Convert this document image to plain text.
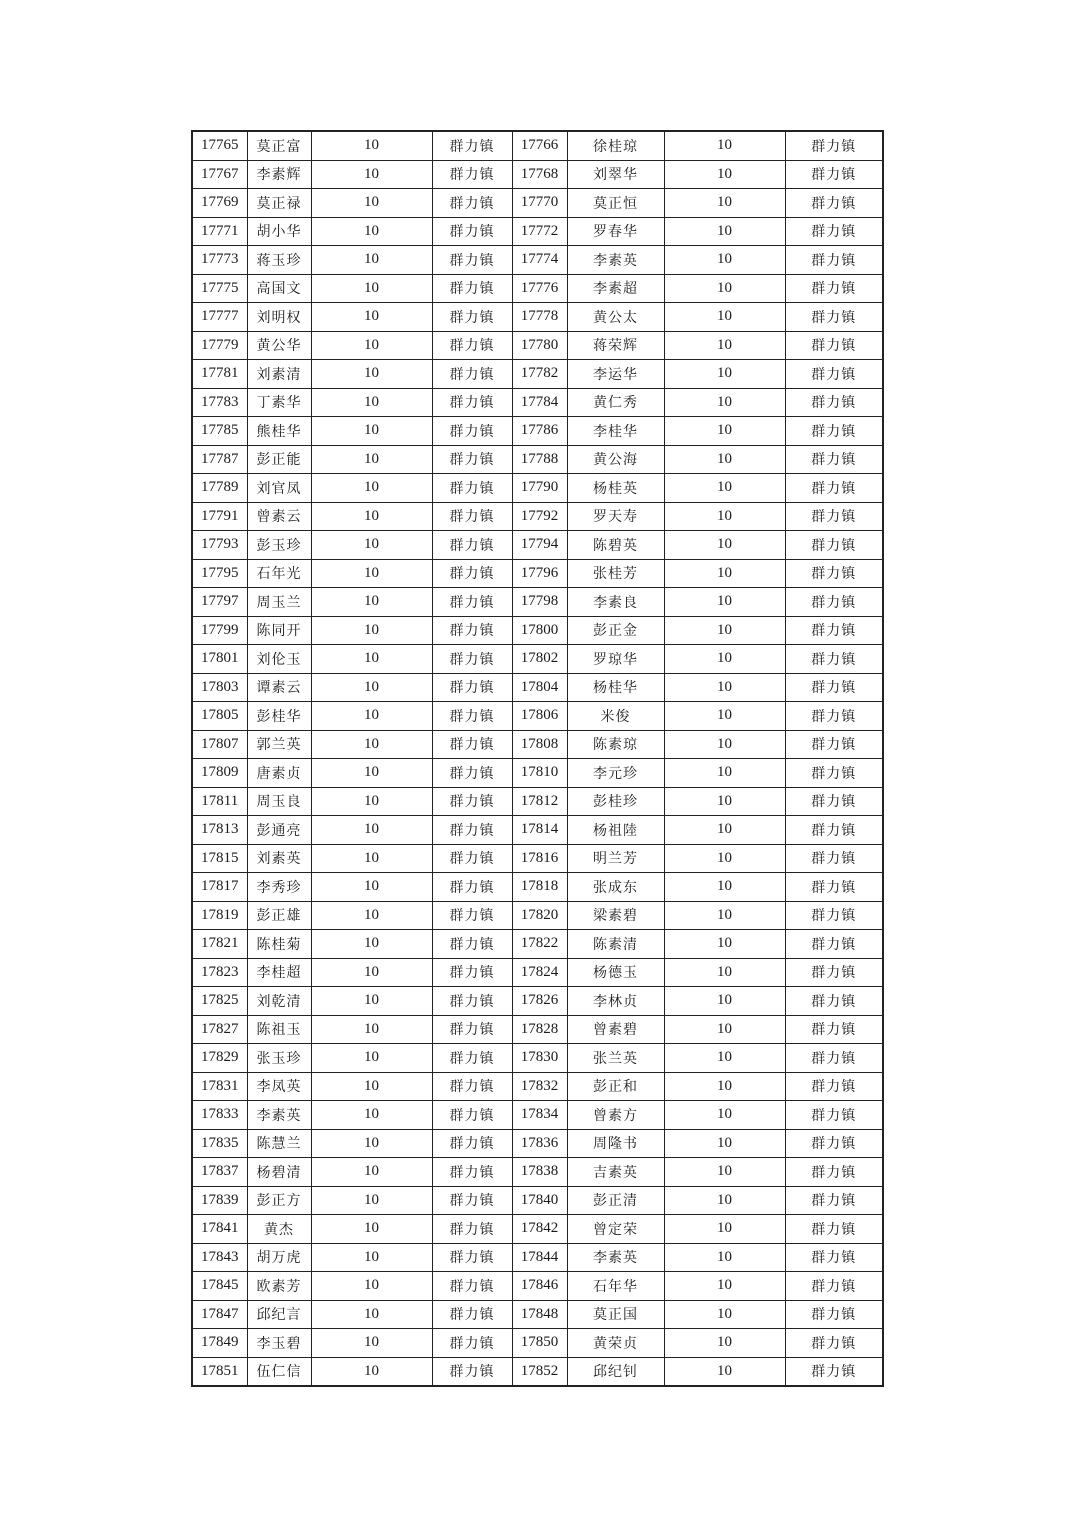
17765	莫正富	10	群力镇	17766	徐桂琼	10	群力镇
17767	李素辉	10	群力镇	17768	刘翠华	10	群力镇
17769	莫正禄	10	群力镇	17770	莫正恒	10	群力镇
17771	胡小华	10	群力镇	17772	罗春华	10	群力镇
17773	蒋玉珍	10	群力镇	17774	李素英	10	群力镇
17775	高国文	10	群力镇	17776	李素超	10	群力镇
17777	刘明权	10	群力镇	17778	黄公太	10	群力镇
17779	黄公华	10	群力镇	17780	蒋荣辉	10	群力镇
17781	刘素清	10	群力镇	17782	李运华	10	群力镇
17783	丁素华	10	群力镇	17784	黄仁秀	10	群力镇
17785	熊桂华	10	群力镇	17786	李桂华	10	群力镇
17787	彭正能	10	群力镇	17788	黄公海	10	群力镇
17789	刘官凤	10	群力镇	17790	杨桂英	10	群力镇
17791	曾素云	10	群力镇	17792	罗天寿	10	群力镇
17793	彭玉珍	10	群力镇	17794	陈碧英	10	群力镇
17795	石年光	10	群力镇	17796	张桂芳	10	群力镇
17797	周玉兰	10	群力镇	17798	李素良	10	群力镇
17799	陈同开	10	群力镇	17800	彭正金	10	群力镇
17801	刘伦玉	10	群力镇	17802	罗琼华	10	群力镇
17803	谭素云	10	群力镇	17804	杨桂华	10	群力镇
17805	彭桂华	10	群力镇	17806	米俊	10	群力镇
17807	郭兰英	10	群力镇	17808	陈素琼	10	群力镇
17809	唐素贞	10	群力镇	17810	李元珍	10	群力镇
17811	周玉良	10	群力镇	17812	彭桂珍	10	群力镇
17813	彭通亮	10	群力镇	17814	杨祖陸	10	群力镇
17815	刘素英	10	群力镇	17816	明兰芳	10	群力镇
17817	李秀珍	10	群力镇	17818	张成东	10	群力镇
17819	彭正雄	10	群力镇	17820	梁素碧	10	群力镇
17821	陈桂菊	10	群力镇	17822	陈素清	10	群力镇
17823	李桂超	10	群力镇	17824	杨德玉	10	群力镇
17825	刘乾清	10	群力镇	17826	李林贞	10	群力镇
17827	陈祖玉	10	群力镇	17828	曾素碧	10	群力镇
17829	张玉珍	10	群力镇	17830	张兰英	10	群力镇
17831	李凤英	10	群力镇	17832	彭正和	10	群力镇
17833	李素英	10	群力镇	17834	曾素方	10	群力镇
17835	陈慧兰	10	群力镇	17836	周隆书	10	群力镇
17837	杨碧清	10	群力镇	17838	吉素英	10	群力镇
17839	彭正方	10	群力镇	17840	彭正清	10	群力镇
17841	黄杰	10	群力镇	17842	曾定荣	10	群力镇
17843	胡万虎	10	群力镇	17844	李素英	10	群力镇
17845	欧素芳	10	群力镇	17846	石年华	10	群力镇
17847	邱纪言	10	群力镇	17848	莫正国	10	群力镇
17849	李玉碧	10	群力镇	17850	黄荣贞	10	群力镇
17851	伍仁信	10	群力镇	17852	邱纪钊	10	群力镇
